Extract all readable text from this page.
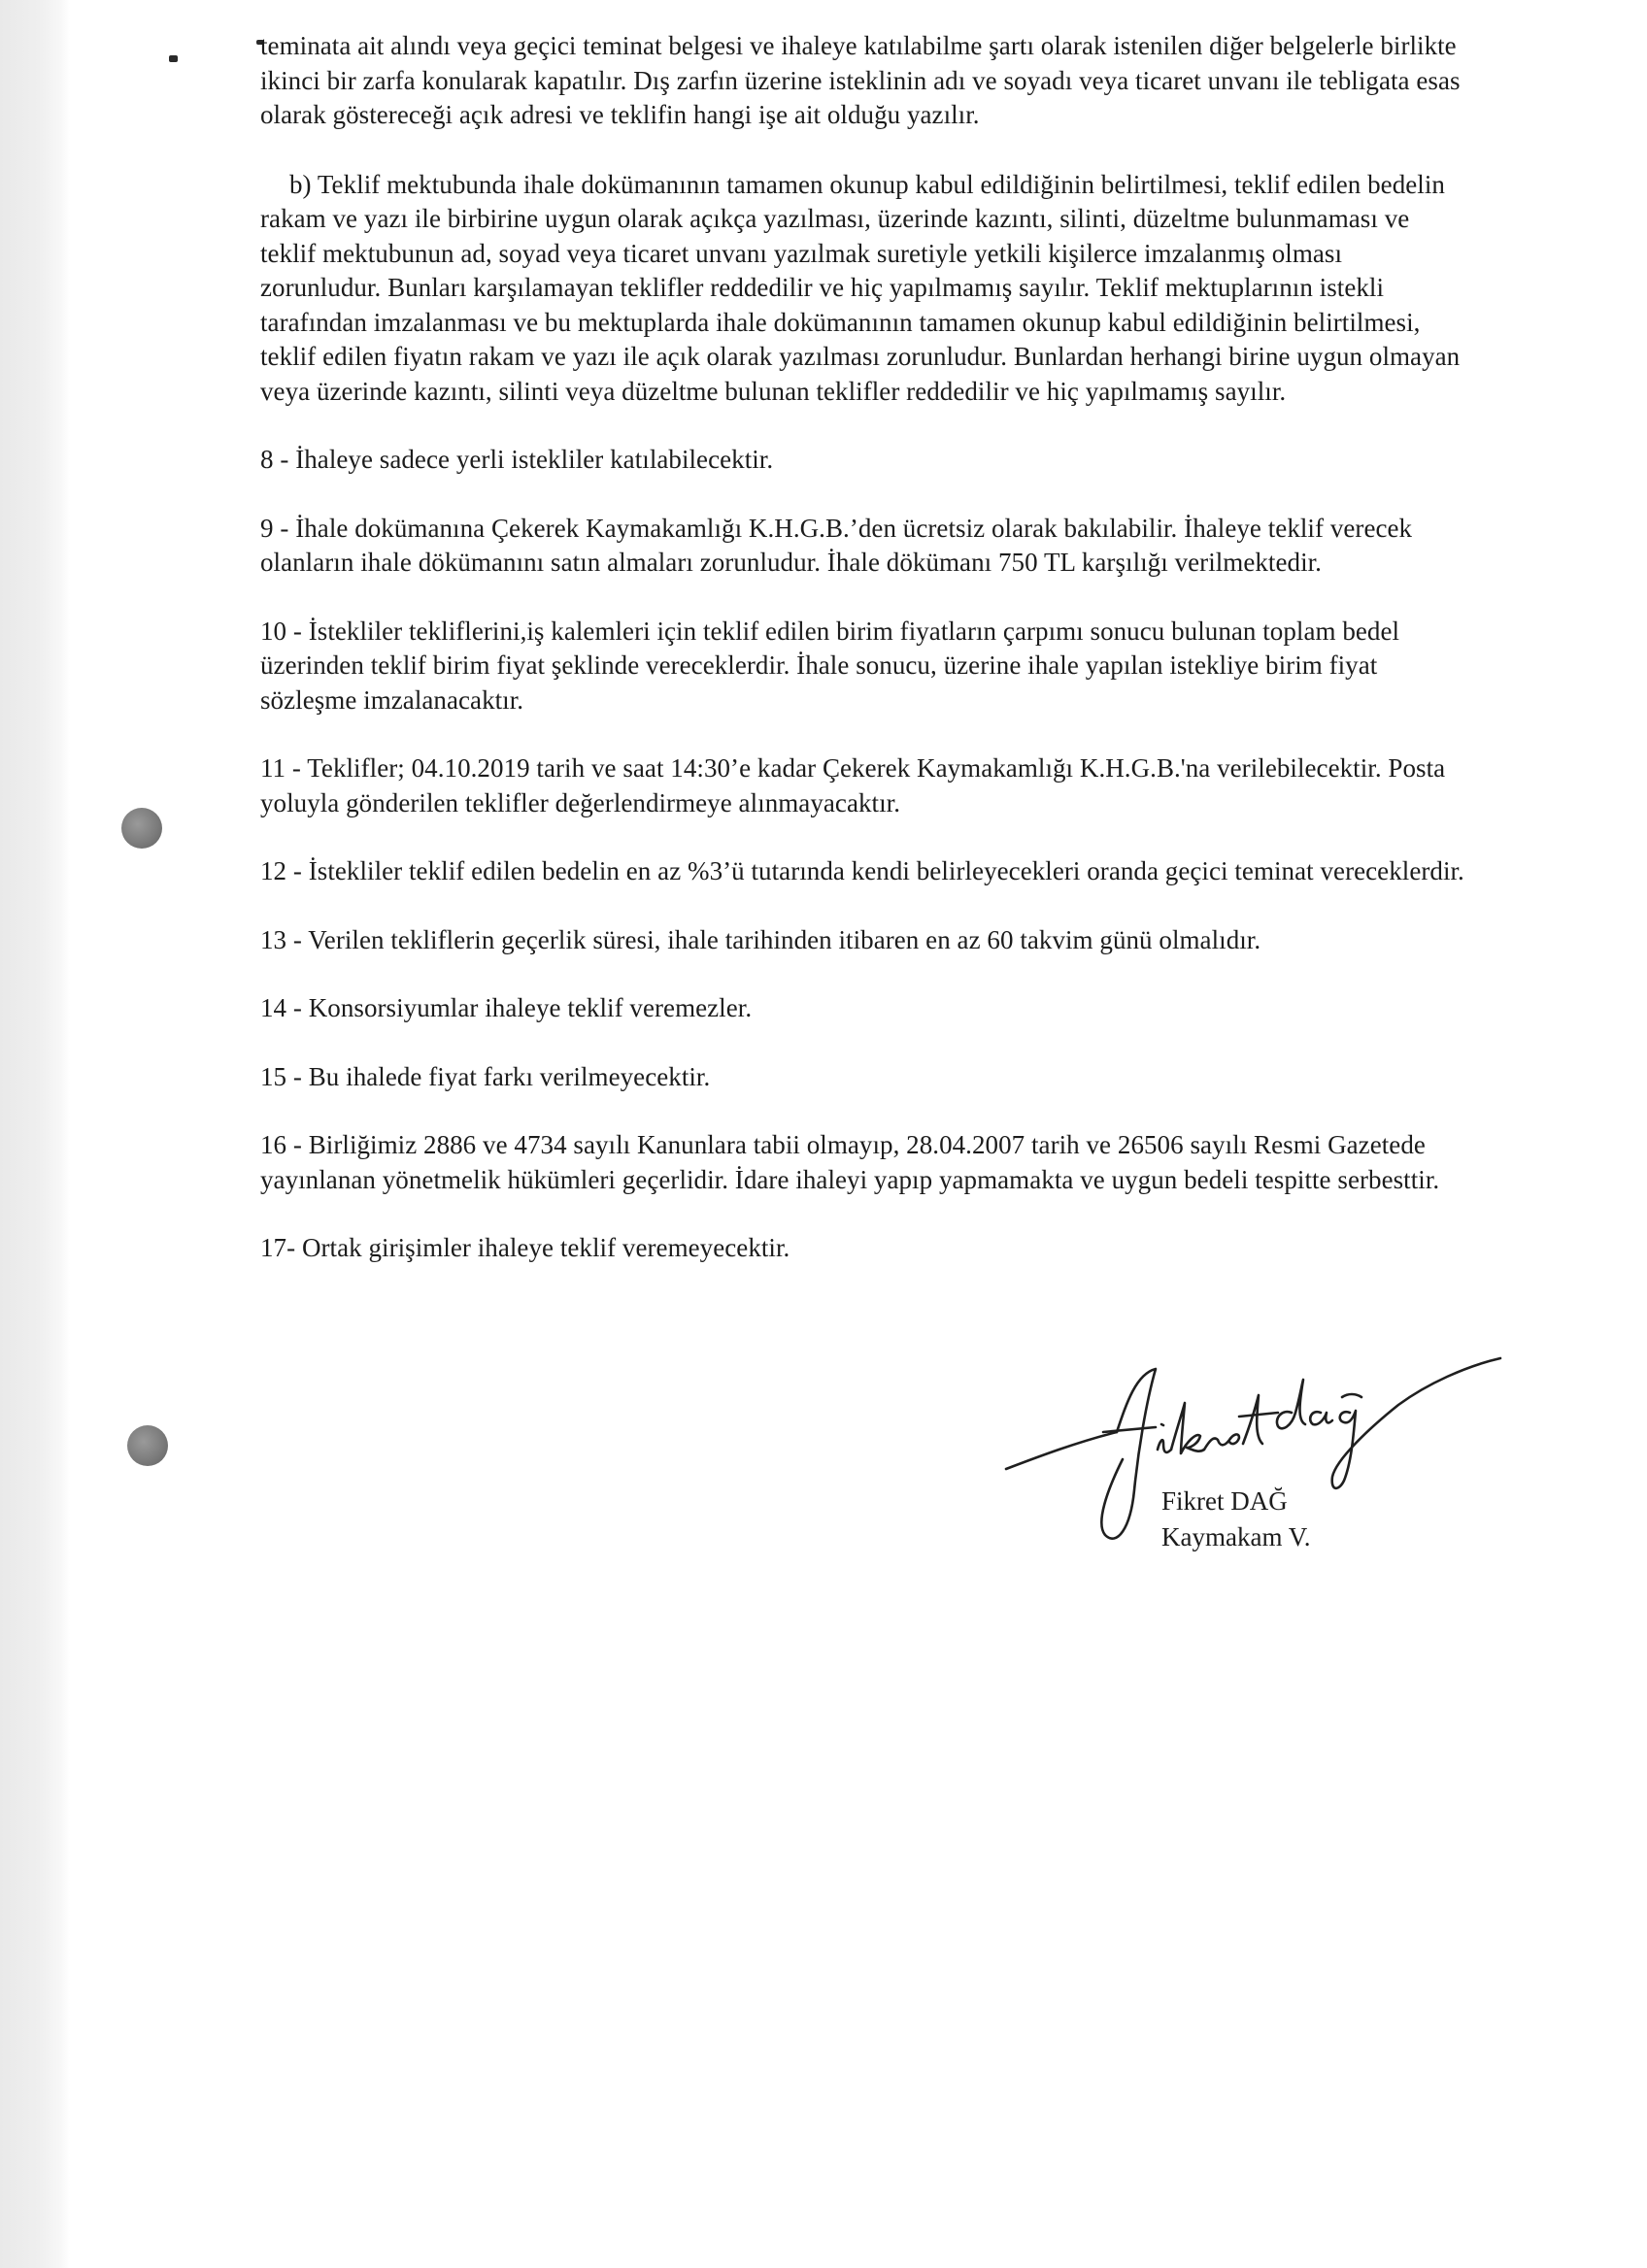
teminata ait alındı veya geçici teminat belgesi ve ihaleye katılabilme şartı olarak istenilen diğer belgelerle birlikte ikinci bir zarfa konularak kapatılır. Dış zarfın üzerine isteklinin adı ve soyadı veya ticaret unvanı ile tebligata esas olarak göstereceği açık adresi ve teklifin hangi işe ait olduğu yazılır.

b) Teklif mektubunda ihale dokümanının tamamen okunup kabul edildiğinin belirtilmesi, teklif edilen bedelin rakam ve yazı ile birbirine uygun olarak açıkça yazılması, üzerinde kazıntı, silinti, düzeltme bulunmaması ve teklif mektubunun ad, soyad veya ticaret unvanı yazılmak suretiyle yetkili kişilerce imzalanmış olması zorunludur. Bunları karşılamayan teklifler reddedilir ve hiç yapılmamış sayılır. Teklif mektuplarının istekli tarafından imzalanması ve bu mektuplarda ihale dokümanının tamamen okunup kabul edildiğinin belirtilmesi, teklif edilen fiyatın rakam ve yazı ile açık olarak yazılması zorunludur. Bunlardan herhangi birine uygun olmayan veya üzerinde kazıntı, silinti veya düzeltme bulunan teklifler reddedilir ve hiç yapılmamış sayılır.

8 - İhaleye sadece yerli istekliler katılabilecektir.

9 - İhale dokümanına Çekerek Kaymakamlığı K.H.G.B.’den ücretsiz olarak bakılabilir. İhaleye teklif verecek olanların ihale dökümanını satın almaları zorunludur. İhale dökümanı 750 TL karşılığı verilmektedir.

10 - İstekliler tekliflerini,iş kalemleri için teklif edilen birim fiyatların çarpımı sonucu bulunan toplam bedel üzerinden teklif birim fiyat şeklinde vereceklerdir. İhale sonucu, üzerine ihale yapılan istekliye birim fiyat sözleşme imzalanacaktır.

11 - Teklifler; 04.10.2019 tarih ve saat 14:30’e kadar Çekerek Kaymakamlığı K.H.G.B.'na verilebilecektir. Posta yoluyla gönderilen teklifler değerlendirmeye alınmayacaktır.

12 - İstekliler teklif edilen bedelin en az %3’ü tutarında kendi belirleyecekleri oranda geçici teminat vereceklerdir.

13 - Verilen tekliflerin geçerlik süresi, ihale tarihinden itibaren en az 60 takvim günü olmalıdır.

14 - Konsorsiyumlar ihaleye teklif veremezler.

15 - Bu ihalede fiyat farkı verilmeyecektir.

16 - Birliğimiz 2886 ve 4734 sayılı Kanunlara tabii olmayıp, 28.04.2007 tarih ve 26506 sayılı Resmi Gazetede yayınlanan yönetmelik hükümleri geçerlidir. İdare ihaleyi yapıp yapmamakta ve uygun bedeli tespitte serbesttir.

17- Ortak girişimler ihaleye teklif veremeyecektir.

Fikret DAĞ
Kaymakam V.
